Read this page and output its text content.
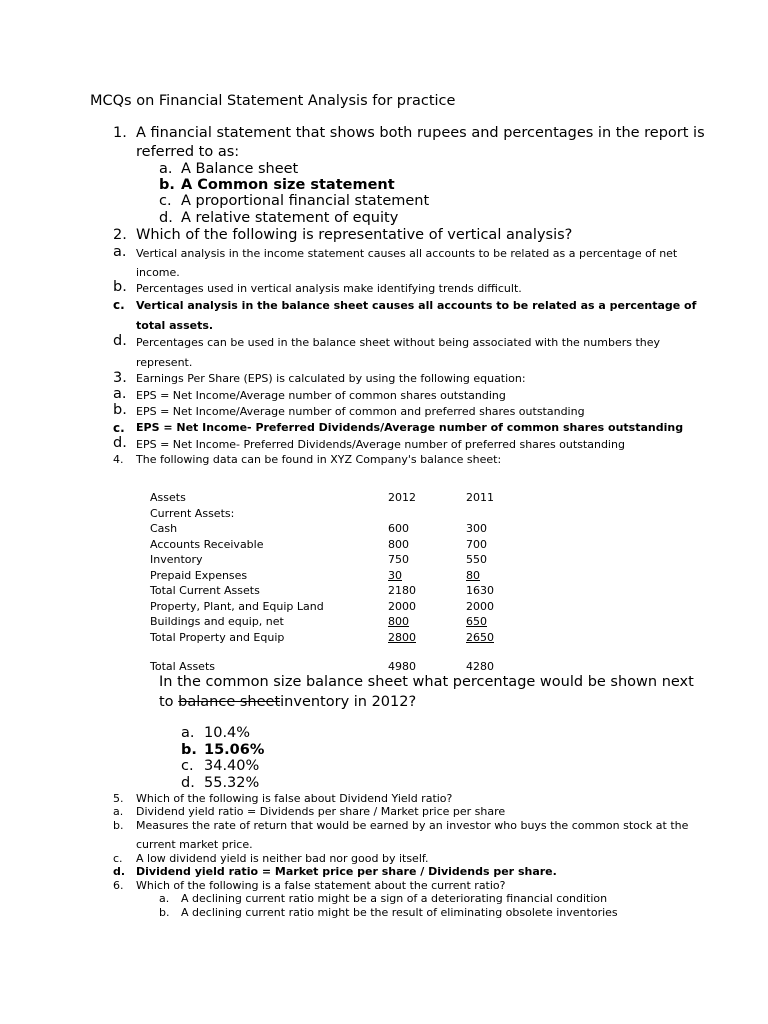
MCQs on Financial Statement Analysis for practice
1. A financial statement that shows both rupees and percentages in the report is
referred to as:
a. A Balance sheet
b. A Common size statement
c. A proportional financial statement
d. A relative statement of equity
2. Which of the following is representative of vertical analysis?
a. Vertical analysis in the income statement causes all accounts to be related as a percentage of net
income.
b. Percentages used in vertical analysis make identifying trends difficult.
c. Vertical analysis in the balance sheet causes all accounts to be related as a percentage of
total assets.
d. Percentages can be used in the balance sheet without being associated with the numbers they
represent.
3. Earnings Per Share (EPS) is calculated by using the following equation:
a. EPS = Net Income/Average number of common shares outstanding
b. EPS = Net Income/Average number of common and preferred shares outstanding
c. EPS = Net Income- Preferred Dividends/Average number of common shares outstanding
d. EPS = Net Income- Preferred Dividends/Average number of preferred shares outstanding
4. The following data can be found in XYZ Company's balance sheet:
Assets	2012	2011
Current Assets:		
Cash	600	300
Accounts Receivable	800	700
Inventory	750	550
Prepaid Expenses	30	80
Total Current Assets	2180	1630
Property, Plant, and Equip Land	2000	2000
Buildings and equip, net	800	650
Total Property and Equip	2800	2650

Total Assets	4980	4280
In the common size balance sheet what percentage would be shown next
to balance sheetinventory in 2012?
a. 10.4%
b. 15.06%
c. 34.40%
d. 55.32%
5. Which of the following is false about Dividend Yield ratio?
a. Dividend yield ratio = Dividends per share / Market price per share
b. Measures the rate of return that would be earned by an investor who buys the common stock at the
current market price.
c. A low dividend yield is neither bad nor good by itself.
d. Dividend yield ratio = Market price per share / Dividends per share.
6. Which of the following is a false statement about the current ratio?
a. A declining current ratio might be a sign of a deteriorating financial condition
b. A declining current ratio might be the result of eliminating obsolete inventories
